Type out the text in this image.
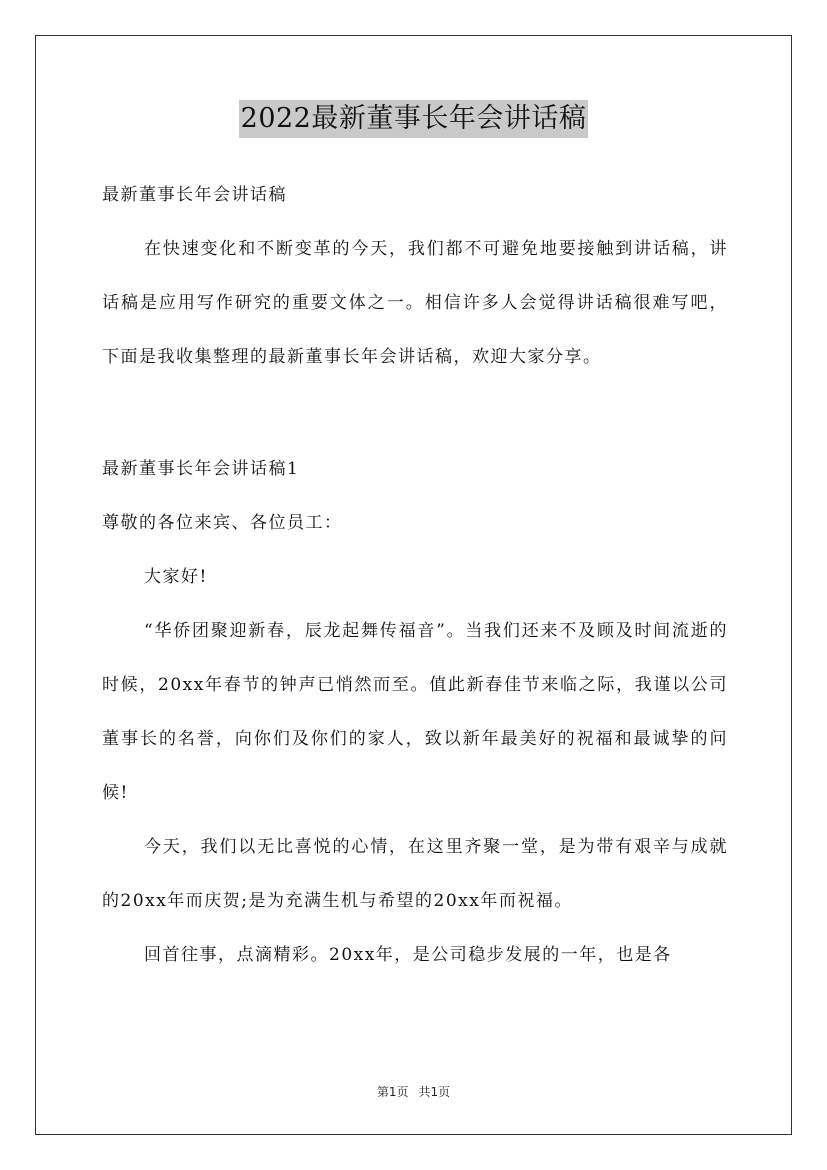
2022最新董事长年会讲话稿

最新董事长年会讲话稿

在快速变化和不断变革的今天，我们都不可避免地要接触到讲话稿，讲话稿是应用写作研究的重要文体之一。相信许多人会觉得讲话稿很难写吧，下面是我收集整理的最新董事长年会讲话稿，欢迎大家分享。

最新董事长年会讲话稿1

尊敬的各位来宾、各位员工：

大家好!

“华侨团聚迎新春，辰龙起舞传福音”。当我们还来不及顾及时间流逝的时候，20xx年春节的钟声已悄然而至。值此新春佳节来临之际，我谨以公司董事长的名誉，向你们及你们的家人，致以新年最美好的祝福和最诚挚的问候!

今天，我们以无比喜悦的心情，在这里齐聚一堂，是为带有艰辛与成就的20xx年而庆贺;是为充满生机与希望的20xx年而祝福。

回首往事，点滴精彩。20xx年，是公司稳步发展的一年，也是各

第1页 共1页
